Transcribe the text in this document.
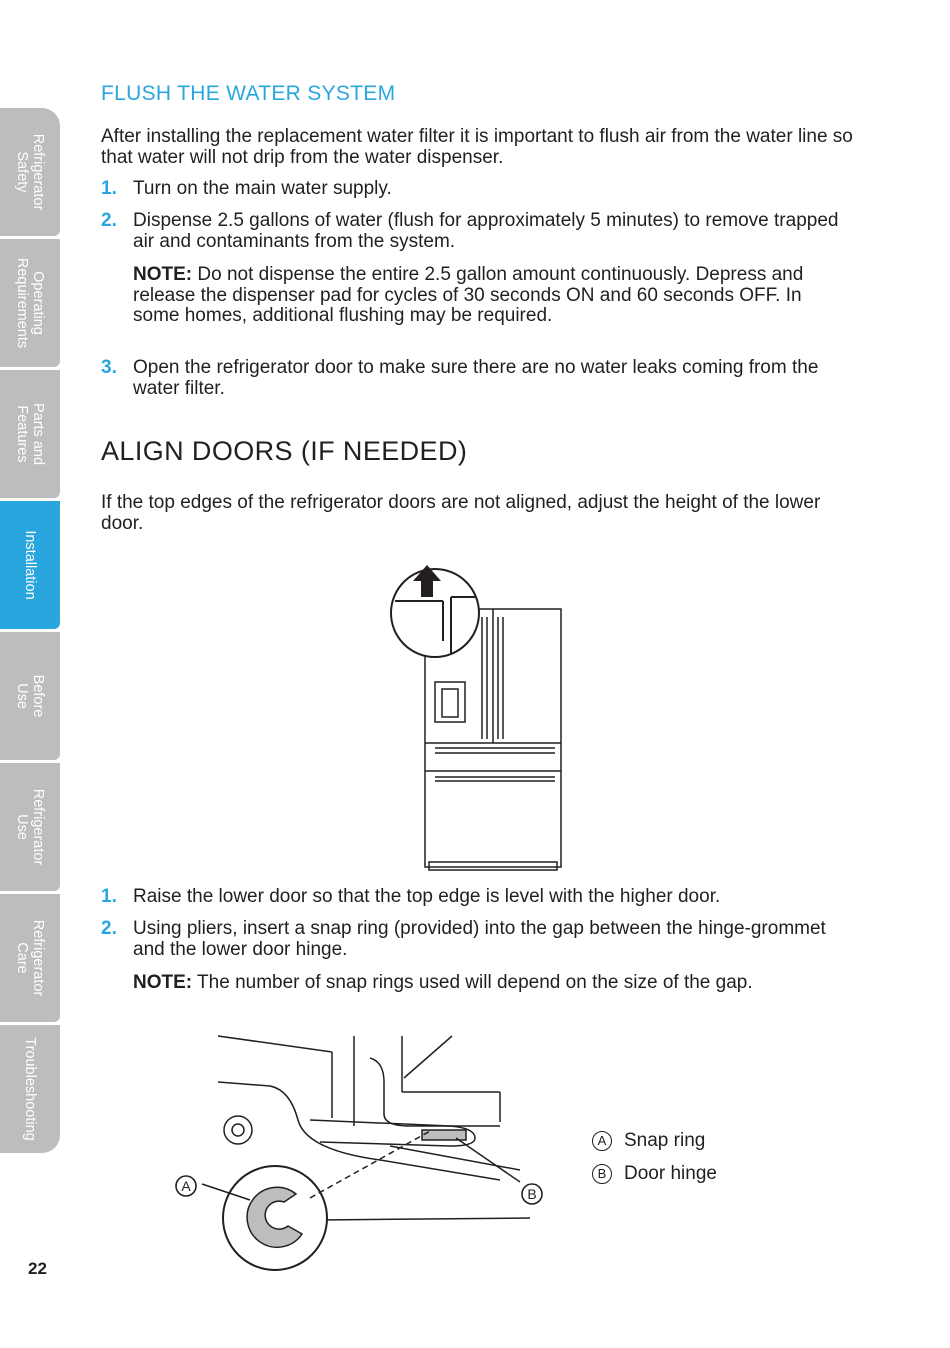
Refrigerator
Safety
Operating
Requirements
Parts and
Features
Installation
Before
Use
Refrigerator
Use
Refrigerator
Care
Troubleshooting
FLUSH THE WATER SYSTEM

After installing the replacement water filter it is important to flush air from the water line so that water will not drip from the water dispenser.

1. Turn on the main water supply.
2. Dispense 2.5 gallons of water (flush for approximately 5 minutes) to remove trapped air and contaminants from the system.
NOTE: Do not dispense the entire 2.5 gallon amount continuously. Depress and release the dispenser pad for cycles of 30 seconds ON and 60 seconds OFF. In some homes, additional flushing may be required.
3. Open the refrigerator door to make sure there are no water leaks coming from the water filter.
ALIGN DOORS (IF NEEDED)

If the top edges of the refrigerator doors are not aligned, adjust the height of the lower door.

1. Raise the lower door so that the top edge is level with the higher door.
2. Using pliers, insert a snap ring (provided) into the gap between the hinge-grommet and the lower door hinge.
NOTE: The number of snap rings used will depend on the size of the gap.
A	B
A Snap ring
B Door hinge
22
